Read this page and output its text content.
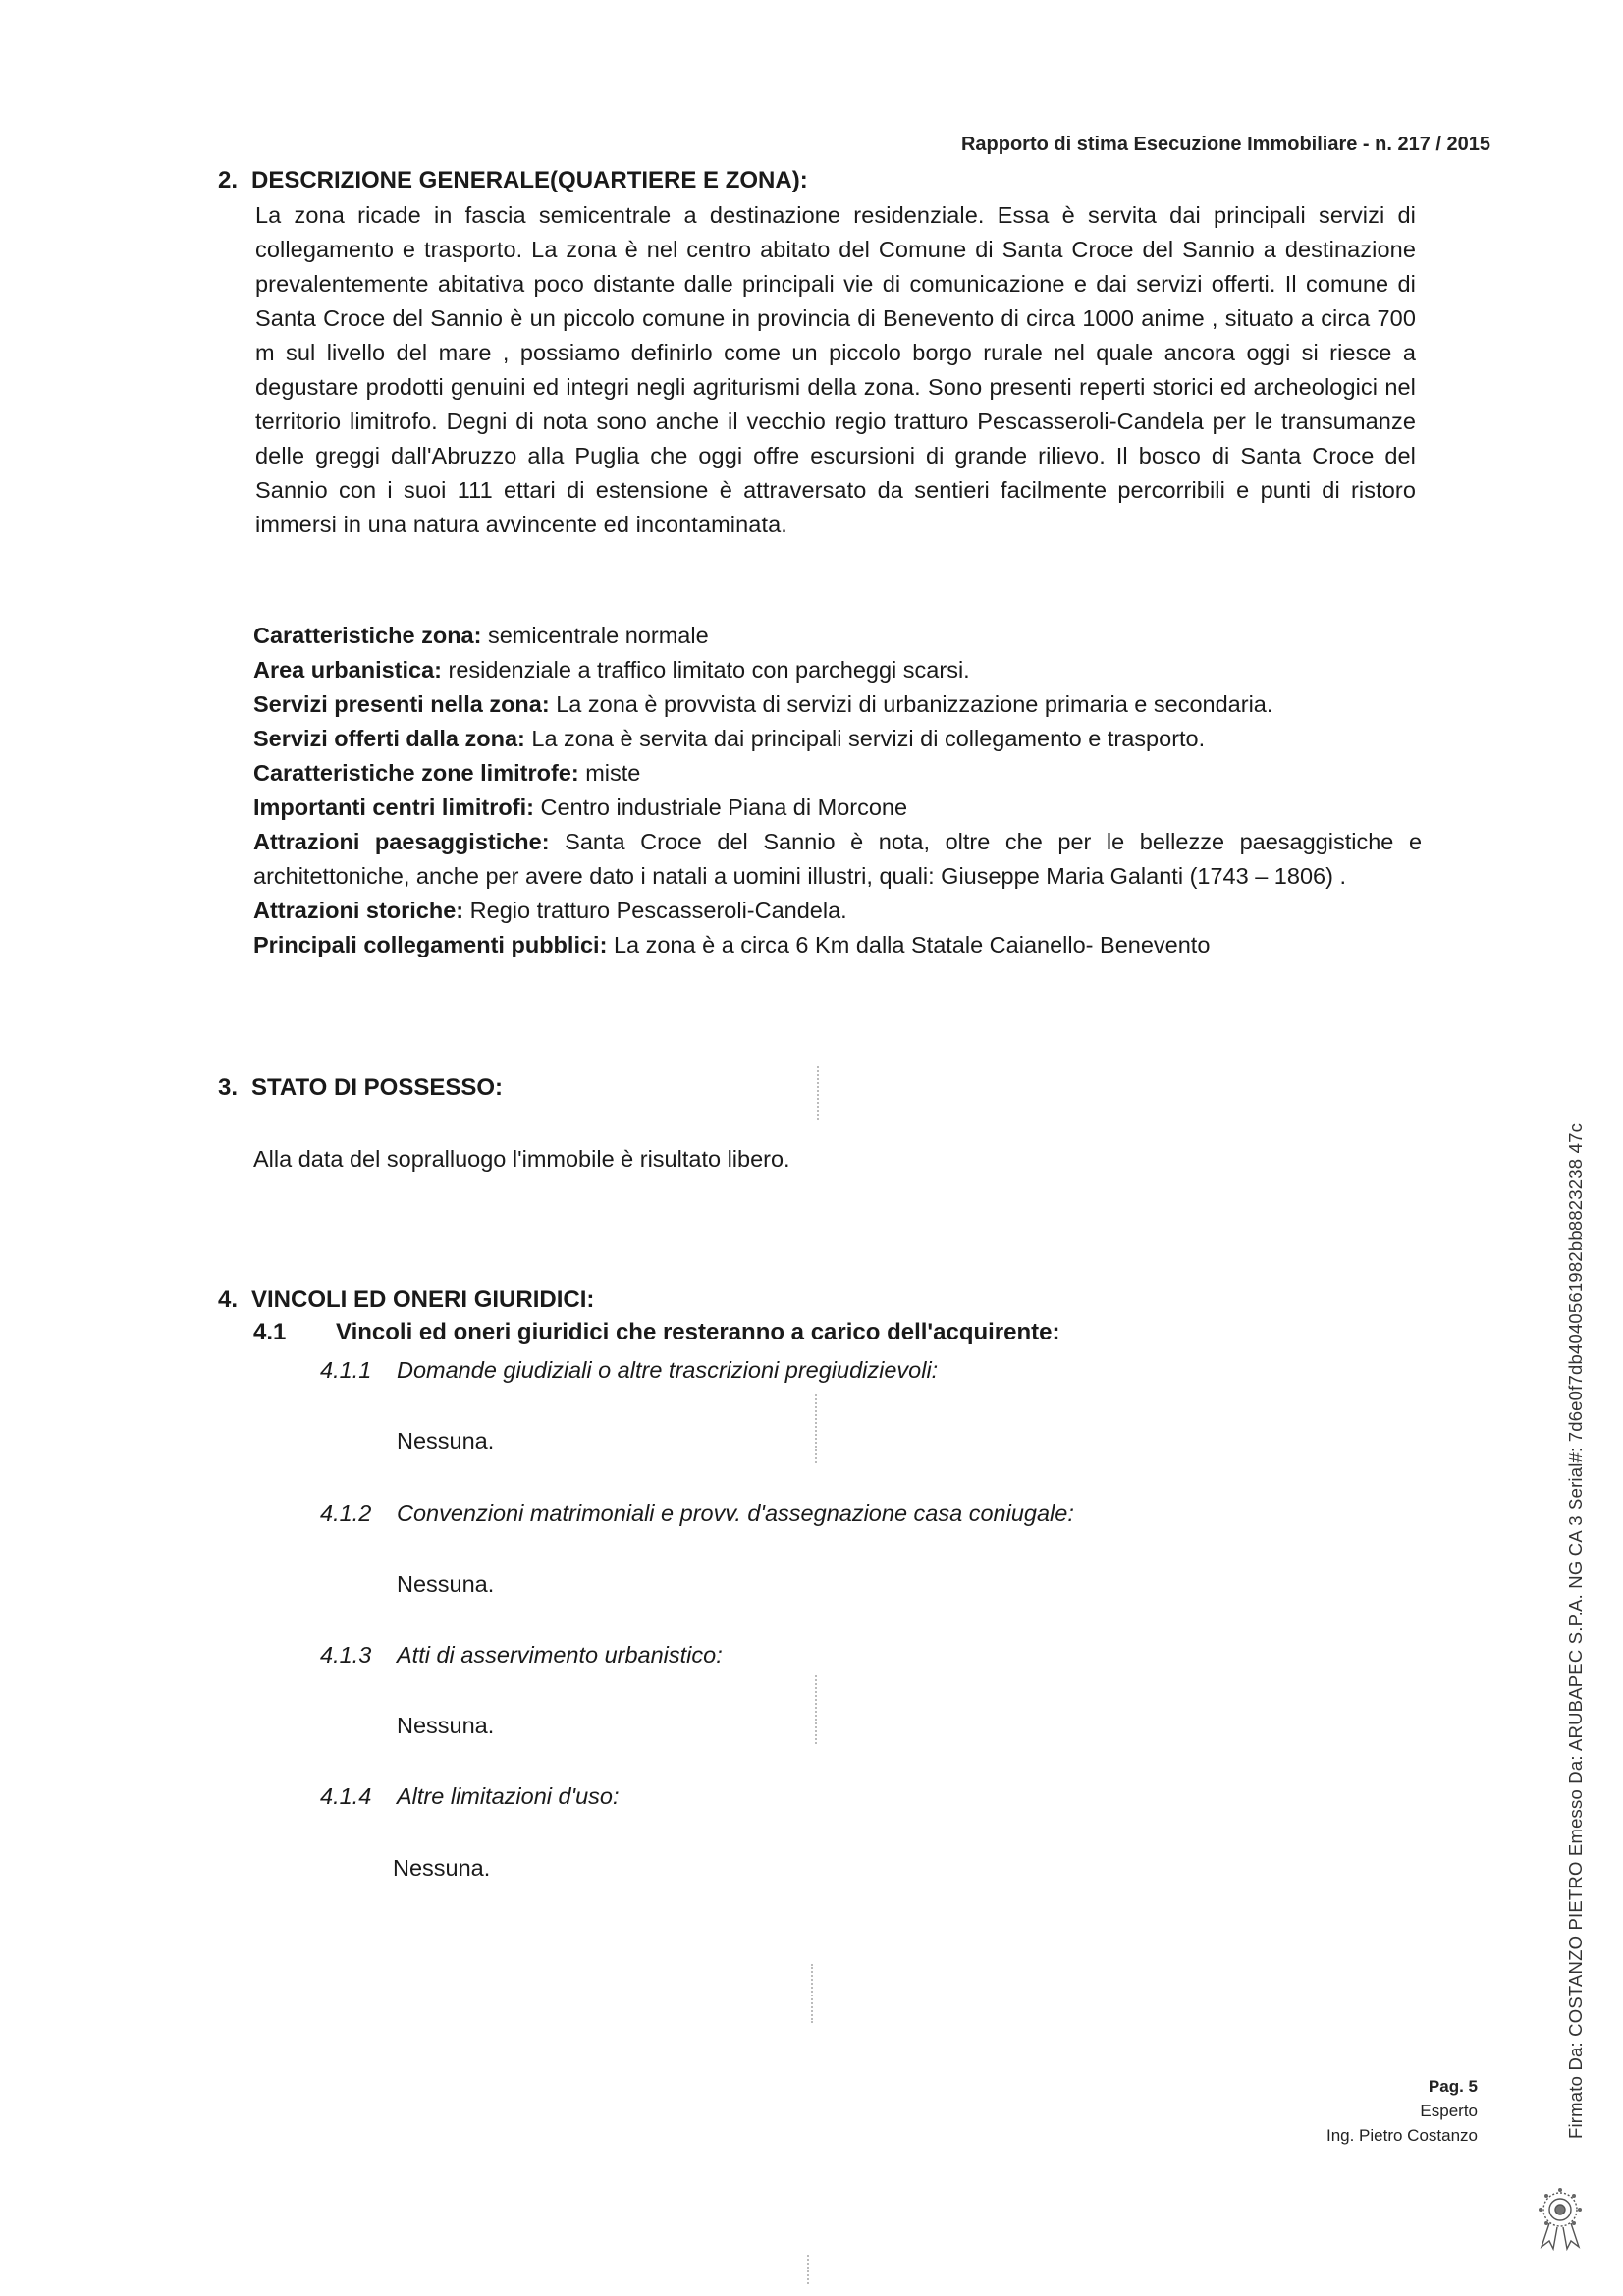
Rapporto di stima Esecuzione Immobiliare - n. 217 / 2015
2. DESCRIZIONE GENERALE(QUARTIERE E ZONA):
La zona ricade in fascia semicentrale a destinazione residenziale. Essa è servita dai principali servizi di collegamento e trasporto. La zona è nel centro abitato del Comune di Santa Croce del Sannio a destinazione prevalentemente abitativa poco distante dalle principali vie di comunicazione e dai servizi offerti. Il comune di Santa Croce del Sannio è un piccolo comune in provincia di Benevento di circa 1000 anime , situato a circa 700 m sul livello del mare , possiamo definirlo come un piccolo borgo rurale nel quale ancora oggi si riesce a degustare prodotti genuini ed integri negli agriturismi della zona. Sono presenti reperti storici ed archeologici nel territorio limitrofo. Degni di nota sono anche il vecchio regio tratturo Pescasseroli-Candela per le transumanze delle greggi dall'Abruzzo alla Puglia che oggi offre escursioni di grande rilievo. Il bosco di Santa Croce del Sannio con i suoi 111 ettari di estensione è attraversato da sentieri facilmente percorribili e punti di ristoro immersi in una natura avvincente ed incontaminata.
Caratteristiche zona: semicentrale normale
Area urbanistica: residenziale a traffico limitato con parcheggi scarsi.
Servizi presenti nella zona: La zona è provvista di servizi di urbanizzazione primaria e secondaria.
Servizi offerti dalla zona: La zona è servita dai principali servizi di collegamento e trasporto.
Caratteristiche zone limitrofe: miste
Importanti centri limitrofi: Centro industriale Piana di Morcone
Attrazioni paesaggistiche: Santa Croce del Sannio è nota, oltre che per le bellezze paesaggistiche e architettoniche, anche per avere dato i natali a uomini illustri, quali: Giuseppe Maria Galanti (1743 – 1806) .
Attrazioni storiche: Regio tratturo Pescasseroli-Candela.
Principali collegamenti pubblici: La zona è a circa 6 Km dalla Statale Caianello- Benevento
3. STATO DI POSSESSO:
Alla data del sopralluogo l'immobile è risultato libero.
4. VINCOLI ED ONERI GIURIDICI:
4.1 Vincoli ed oneri giuridici che resteranno a carico dell'acquirente:
4.1.1 Domande giudiziali o altre trascrizioni pregiudizievoli:
Nessuna.
4.1.2 Convenzioni matrimoniali e provv. d'assegnazione casa coniugale:
Nessuna.
4.1.3 Atti di asservimento urbanistico:
Nessuna.
4.1.4 Altre limitazioni d'uso:
Nessuna.
Pag. 5
Esperto
Ing. Pietro Costanzo	Firmato Da: COSTANZO PIETRO Emesso Da: ARUBAPEC S.P.A. NG CA 3 Serial#: 7d6e0f7db4040561982bb8823238 47c
